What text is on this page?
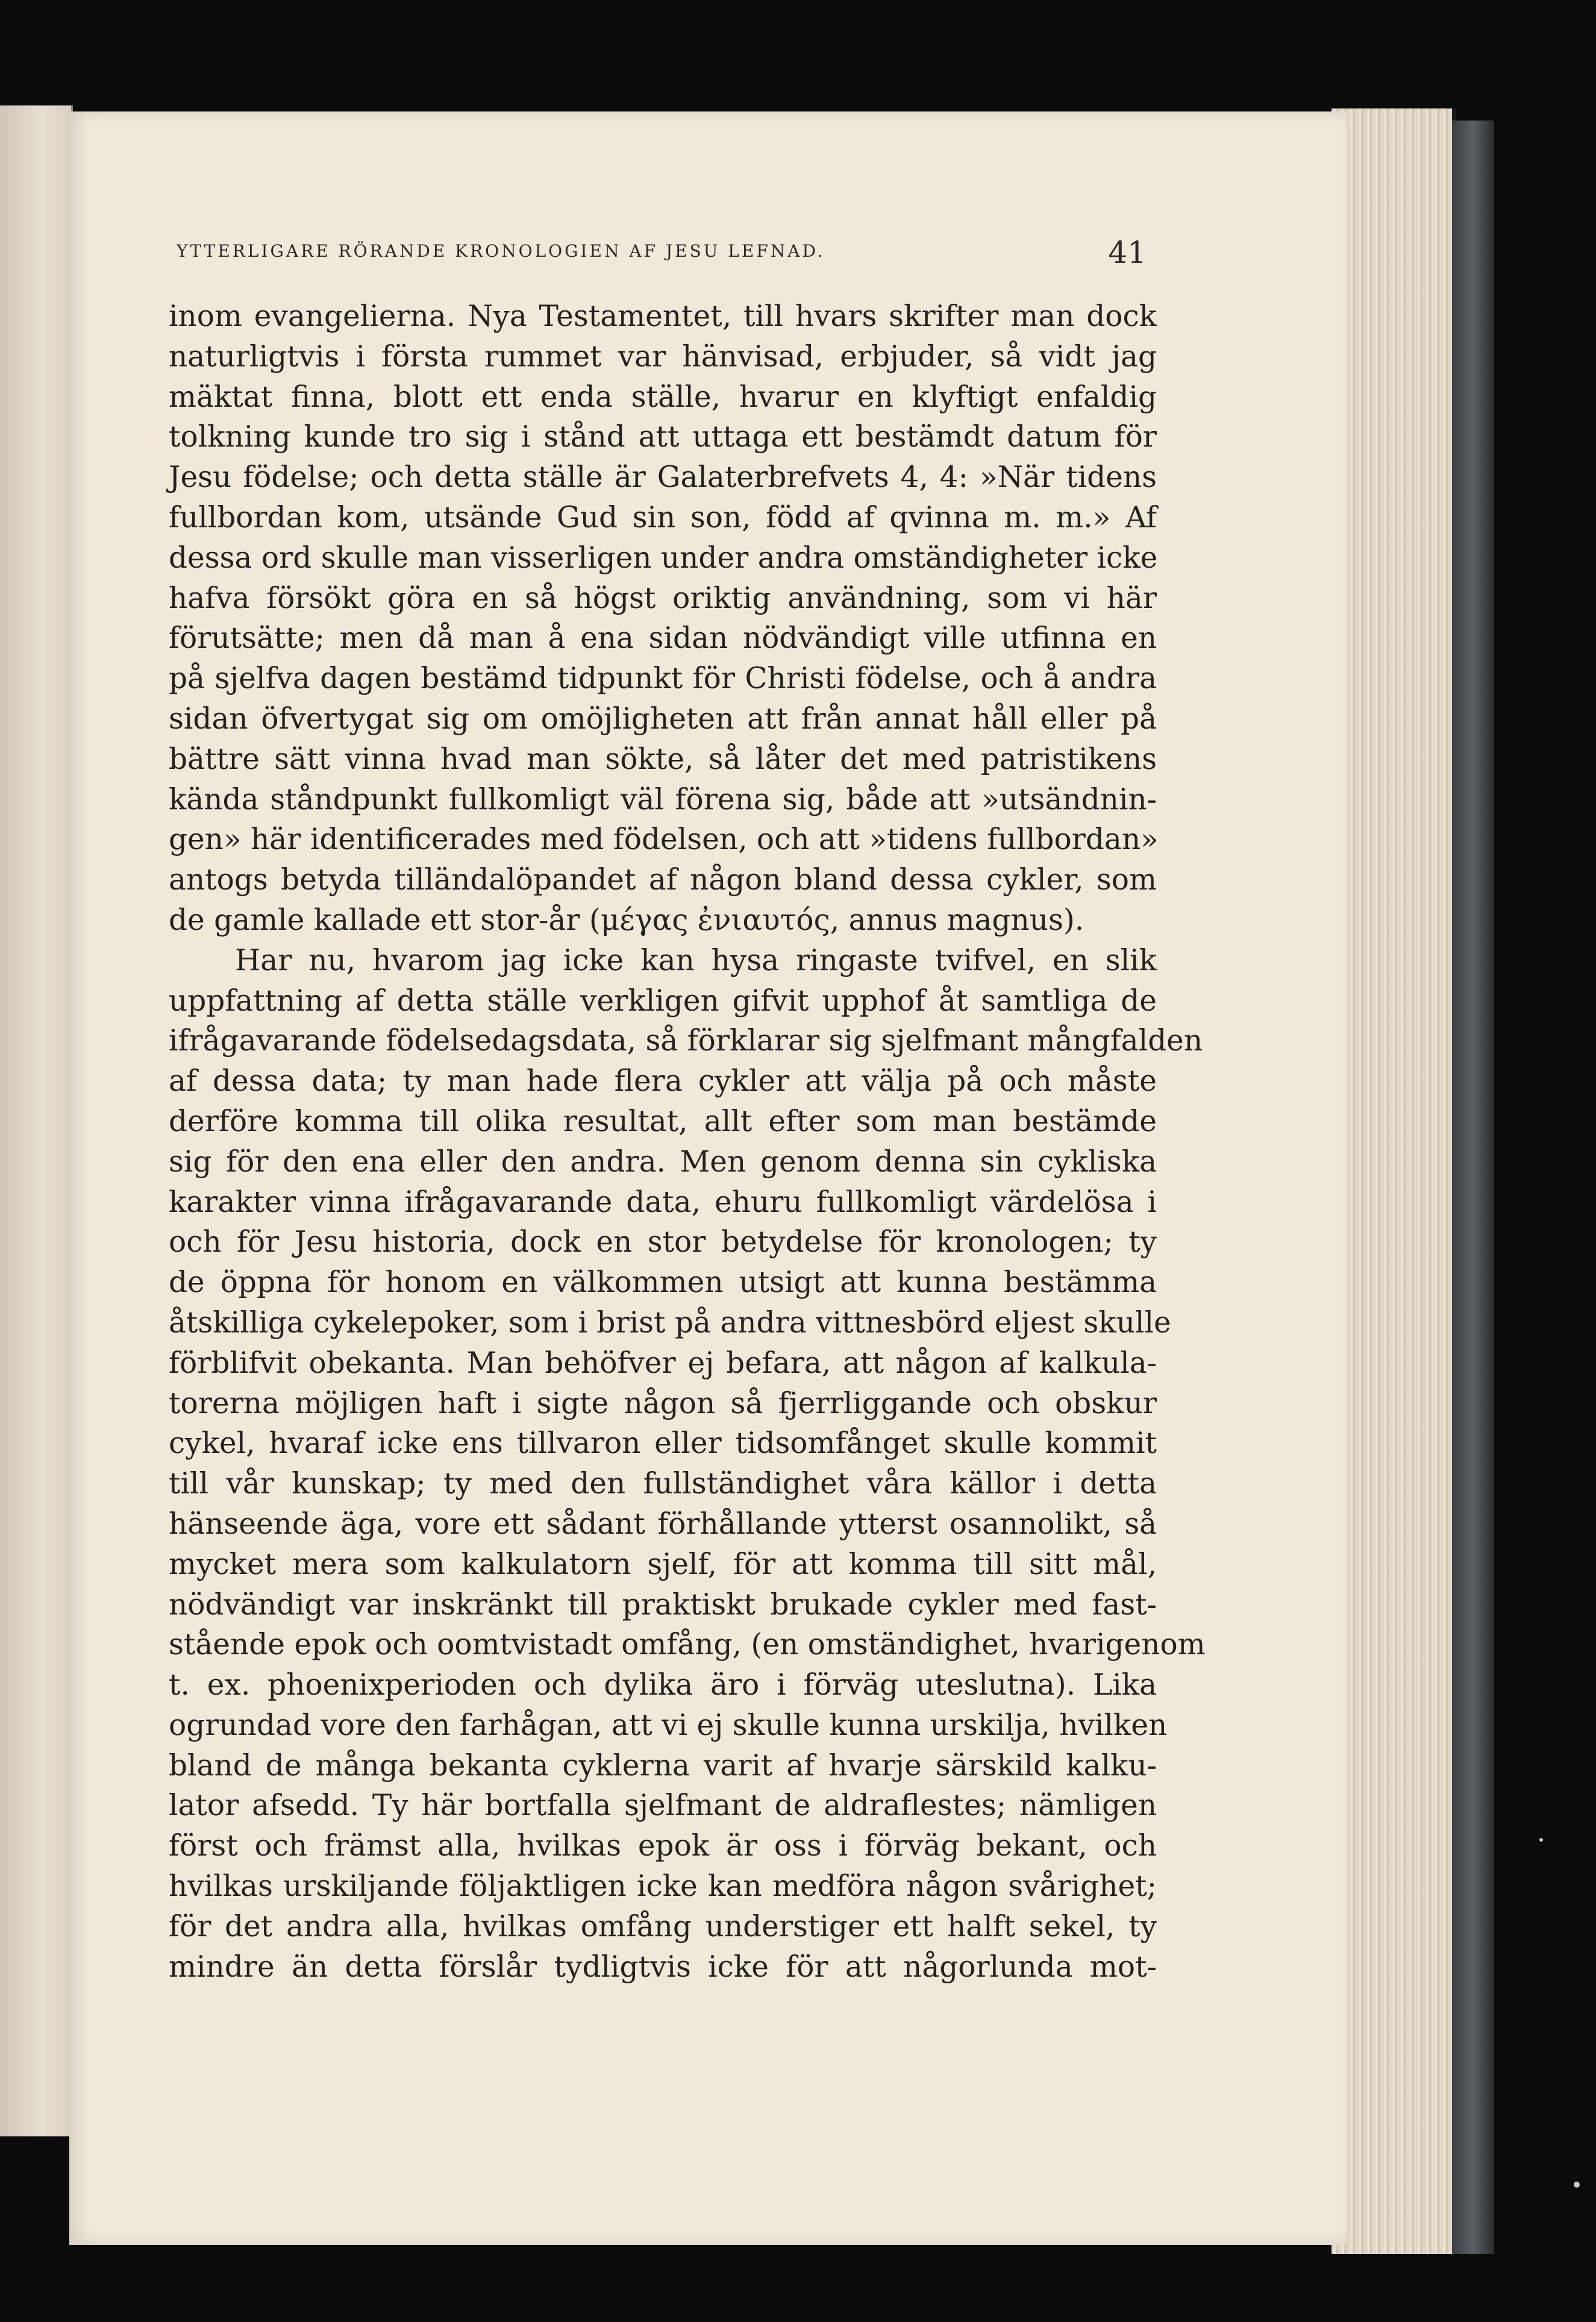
YTTERLIGARE RÖRANDE KRONOLOGIEN AF JESU LEFNAD.	41
inom evangelierna. Nya Testamentet, till hvars skrifter man dock
naturligtvis i första rummet var hänvisad, erbjuder, så vidt jag
mäktat finna, blott ett enda ställe, hvarur en klyftigt enfaldig
tolkning kunde tro sig i stånd att uttaga ett bestämdt datum för
Jesu födelse; och detta ställe är Galaterbrefvets 4, 4: »När tidens
fullbordan kom, utsände Gud sin son, född af qvinna m. m.» Af
dessa ord skulle man visserligen under andra omständigheter icke
hafva försökt göra en så högst oriktig användning, som vi här
förutsätte; men då man å ena sidan nödvändigt ville utfinna en
på sjelfva dagen bestämd tidpunkt för Christi födelse, och å andra
sidan öfvertygat sig om omöjligheten att från annat håll eller på
bättre sätt vinna hvad man sökte, så låter det med patristikens
kända ståndpunkt fullkomligt väl förena sig, både att »utsändnin-
gen» här identificerades med födelsen, och att »tidens fullbordan»
antogs betyda tilländalöpandet af någon bland dessa cykler, som
de gamle kallade ett stor-år (μέγας ἐνιαυτός, annus magnus).
Har nu, hvarom jag icke kan hysa ringaste tvifvel, en slik
uppfattning af detta ställe verkligen gifvit upphof åt samtliga de
ifrågavarande födelsedagsdata, så förklarar sig sjelfmant mångfalden
af dessa data; ty man hade flera cykler att välja på och måste
derföre komma till olika resultat, allt efter som man bestämde
sig för den ena eller den andra. Men genom denna sin cykliska
karakter vinna ifrågavarande data, ehuru fullkomligt värdelösa i
och för Jesu historia, dock en stor betydelse för kronologen; ty
de öppna för honom en välkommen utsigt att kunna bestämma
åtskilliga cykelepoker, som i brist på andra vittnesbörd eljest skulle
förblifvit obekanta. Man behöfver ej befara, att någon af kalkula-
torerna möjligen haft i sigte någon så fjerrliggande och obskur
cykel, hvaraf icke ens tillvaron eller tidsomfånget skulle kommit
till vår kunskap; ty med den fullständighet våra källor i detta
hänseende äga, vore ett sådant förhållande ytterst osannolikt, så
mycket mera som kalkulatorn sjelf, för att komma till sitt mål,
nödvändigt var inskränkt till praktiskt brukade cykler med fast-
stående epok och oomtvistadt omfång, (en omständighet, hvarigenom
t. ex. phoenixperioden och dylika äro i förväg uteslutna). Lika
ogrundad vore den farhågan, att vi ej skulle kunna urskilja, hvilken
bland de många bekanta cyklerna varit af hvarje särskild kalku-
lator afsedd. Ty här bortfalla sjelfmant de aldraflestes; nämligen
först och främst alla, hvilkas epok är oss i förväg bekant, och
hvilkas urskiljande följaktligen icke kan medföra någon svårighet;
för det andra alla, hvilkas omfång understiger ett halft sekel, ty
mindre än detta förslår tydligtvis icke för att någorlunda mot-
